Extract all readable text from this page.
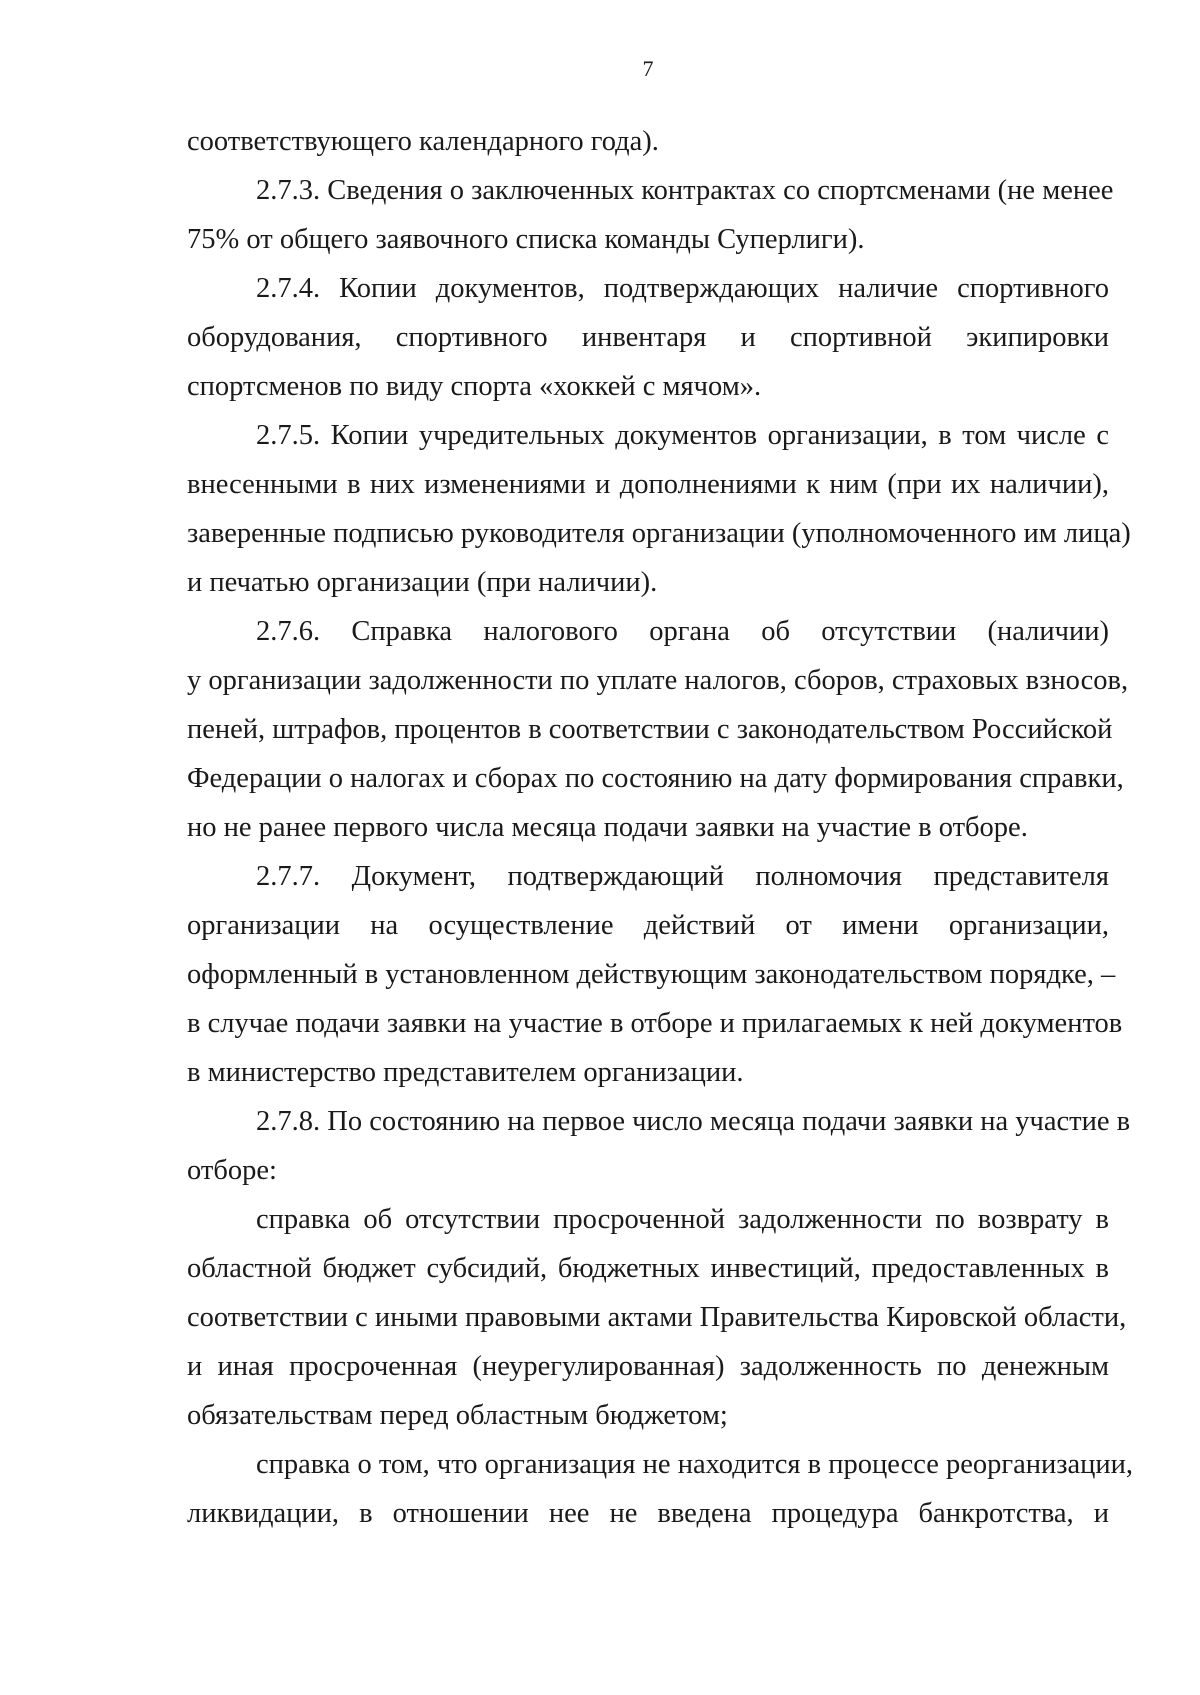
7
соответствующего календарного года).
2.7.3. Сведения о заключенных контрактах со спортсменами (не менее
75% от общего заявочного списка команды Суперлиги).
2.7.4. Копии документов, подтверждающих наличие спортивного
оборудования, спортивного инвентаря и спортивной экипировки
спортсменов по виду спорта «хоккей с мячом».
2.7.5. Копии учредительных документов организации, в том числе с
внесенными в них изменениями и дополнениями к ним (при их наличии),
заверенные подписью руководителя организации (уполномоченного им лица)
и печатью организации (при наличии).
2.7.6. Справка налогового органа об отсутствии (наличии)
у организации задолженности по уплате налогов, сборов, страховых взносов,
пеней, штрафов, процентов в соответствии с законодательством Российской
Федерации о налогах и сборах по состоянию на дату формирования справки,
но не ранее первого числа месяца подачи заявки на участие в отборе.
2.7.7. Документ, подтверждающий полномочия представителя
организации на осуществление действий от имени организации,
оформленный в установленном действующим законодательством порядке, –
в случае подачи заявки на участие в отборе и прилагаемых к ней документов
в министерство представителем организации.
2.7.8. По состоянию на первое число месяца подачи заявки на участие в
отборе:
справка об отсутствии просроченной задолженности по возврату в
областной бюджет субсидий, бюджетных инвестиций, предоставленных в
соответствии с иными правовыми актами Правительства Кировской области,
и иная просроченная (неурегулированная) задолженность по денежным
обязательствам перед областным бюджетом;
справка о том, что организация не находится в процессе реорганизации,
ликвидации, в отношении нее не введена процедура банкротства, и
